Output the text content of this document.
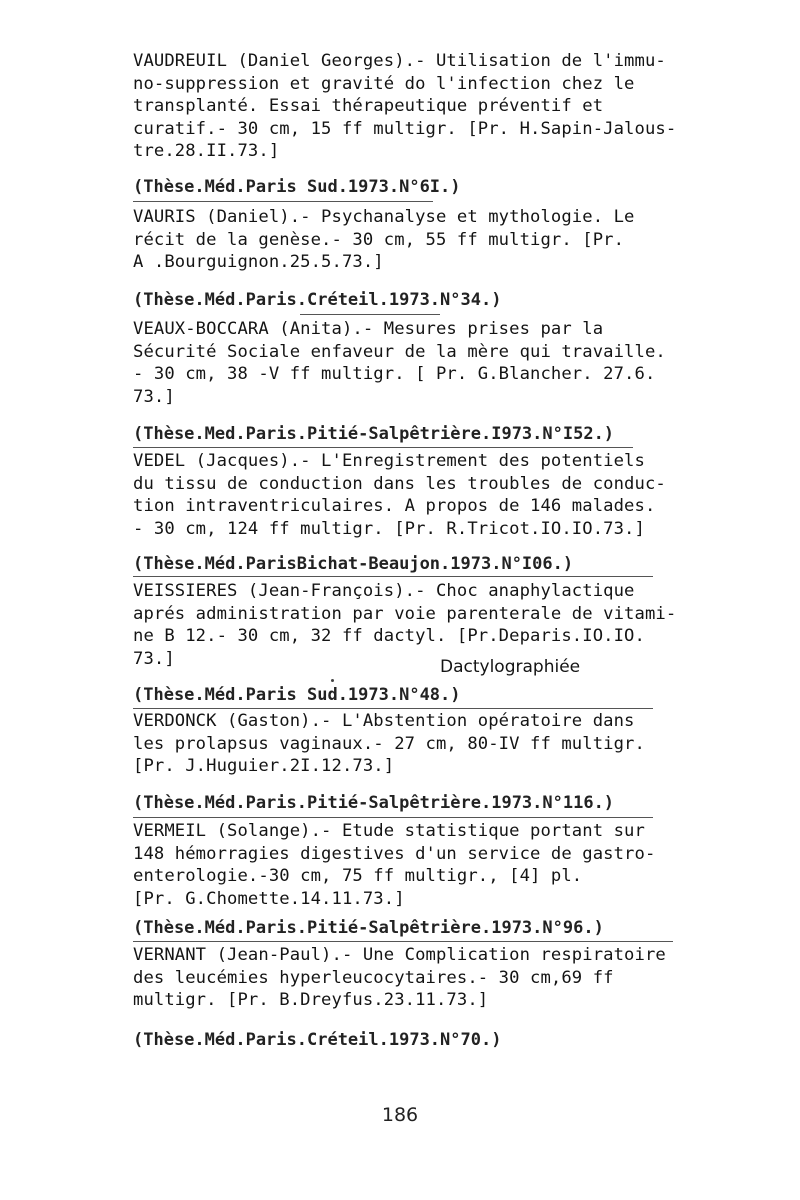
VAUDREUIL (Daniel Georges).- Utilisation de l'immu-
no-suppression et gravité do l'infection chez le
transplanté. Essai thérapeutique préventif et
curatif.- 30 cm, 15 ff multigr. [Pr. H.Sapin-Jalous-
tre.28.II.73.]
(Thèse.Méd.Paris Sud.1973.N°6I.)
VAURIS (Daniel).- Psychanalyse et mythologie. Le
récit de la genèse.- 30 cm, 55 ff multigr. [Pr.
A .Bourguignon.25.5.73.]
(Thèse.Méd.Paris.Créteil.1973.N°34.)
VEAUX-BOCCARA (Anita).- Mesures prises par la
Sécurité Sociale enfaveur de la mère qui travaille.
- 30 cm, 38 -V ff multigr. [ Pr. G.Blancher. 27.6.
73.]
(Thèse.Med.Paris.Pitié-Salpêtrière.I973.N°I52.)
VEDEL (Jacques).- L'Enregistrement des potentiels
du tissu de conduction dans les troubles de conduc-
tion intraventriculaires. A propos de 146 malades.
- 30 cm, 124 ff multigr. [Pr. R.Tricot.IO.IO.73.]
(Thèse.Méd.ParisBichat-Beaujon.1973.N°I06.)
VEISSIERES (Jean-François).- Choc anaphylactique
aprés administration par voie parenterale de vitami-
ne B 12.- 30 cm, 32 ff dactyl. [Pr.Deparis.IO.IO.
73.]	Dactylographiée
(Thèse.Méd.Paris Sud.1973.N°48.)
VERDONCK (Gaston).- L'Abstention opératoire dans
les prolapsus vaginaux.- 27 cm, 80-IV ff multigr.
[Pr. J.Huguier.2I.12.73.]
(Thèse.Méd.Paris.Pitié-Salpêtrière.1973.N°116.)
VERMEIL (Solange).- Etude statistique portant sur
148 hémorragies digestives d'un service de gastro-
enterologie.-30 cm, 75 ff multigr., [4] pl.
[Pr. G.Chomette.14.11.73.]
(Thèse.Méd.Paris.Pitié-Salpêtrière.1973.N°96.)
VERNANT (Jean-Paul).- Une Complication respiratoire
des leucémies hyperleucocytaires.- 30 cm,69 ff
multigr. [Pr. B.Dreyfus.23.11.73.]
(Thèse.Méd.Paris.Créteil.1973.N°70.)
186
